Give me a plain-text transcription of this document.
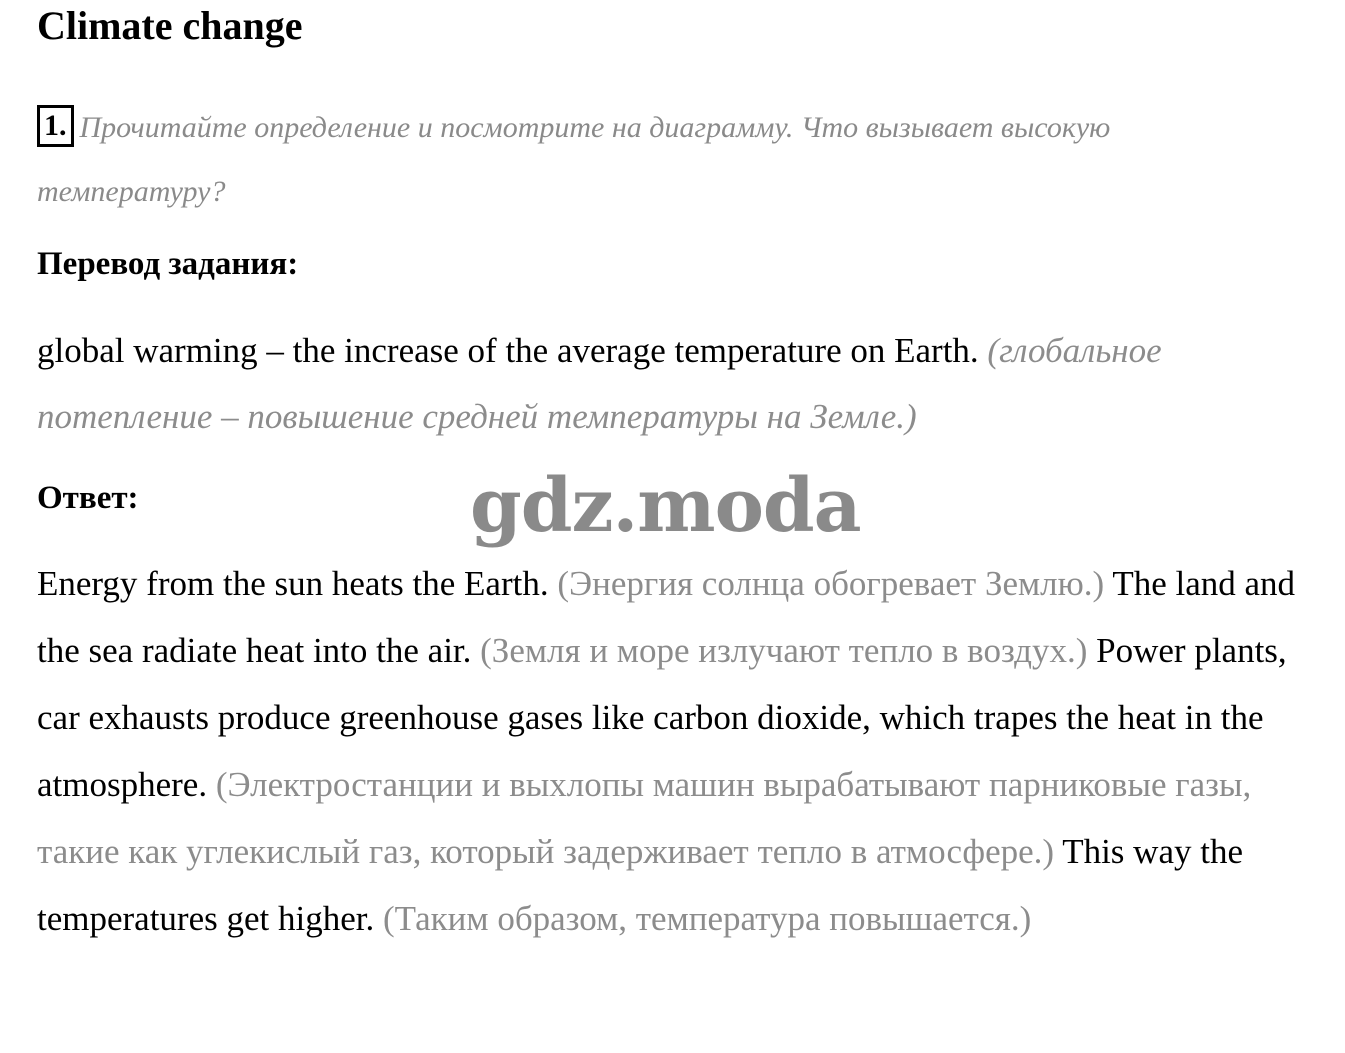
Climate change
1. Прочитайте определение и посмотрите на диаграмму. Что вызывает высокую температуру?
Перевод задания:
global warming – the increase of the average temperature on Earth. (глобальное потепление – повышение средней температуры на Земле.)
Ответ:
Energy from the sun heats the Earth. (Энергия солнца обогревает Землю.) The land and the sea radiate heat into the air. (Земля и море излучают тепло в воздух.) Power plants, car exhausts produce greenhouse gases like carbon dioxide, which trapes the heat in the atmosphere. (Электростанции и выхлопы машин вырабатывают парниковые газы, такие как углекислый газ, который задерживает тепло в атмосфере.) This way the temperatures get higher. (Таким образом, температура повышается.)
gdz.moda
